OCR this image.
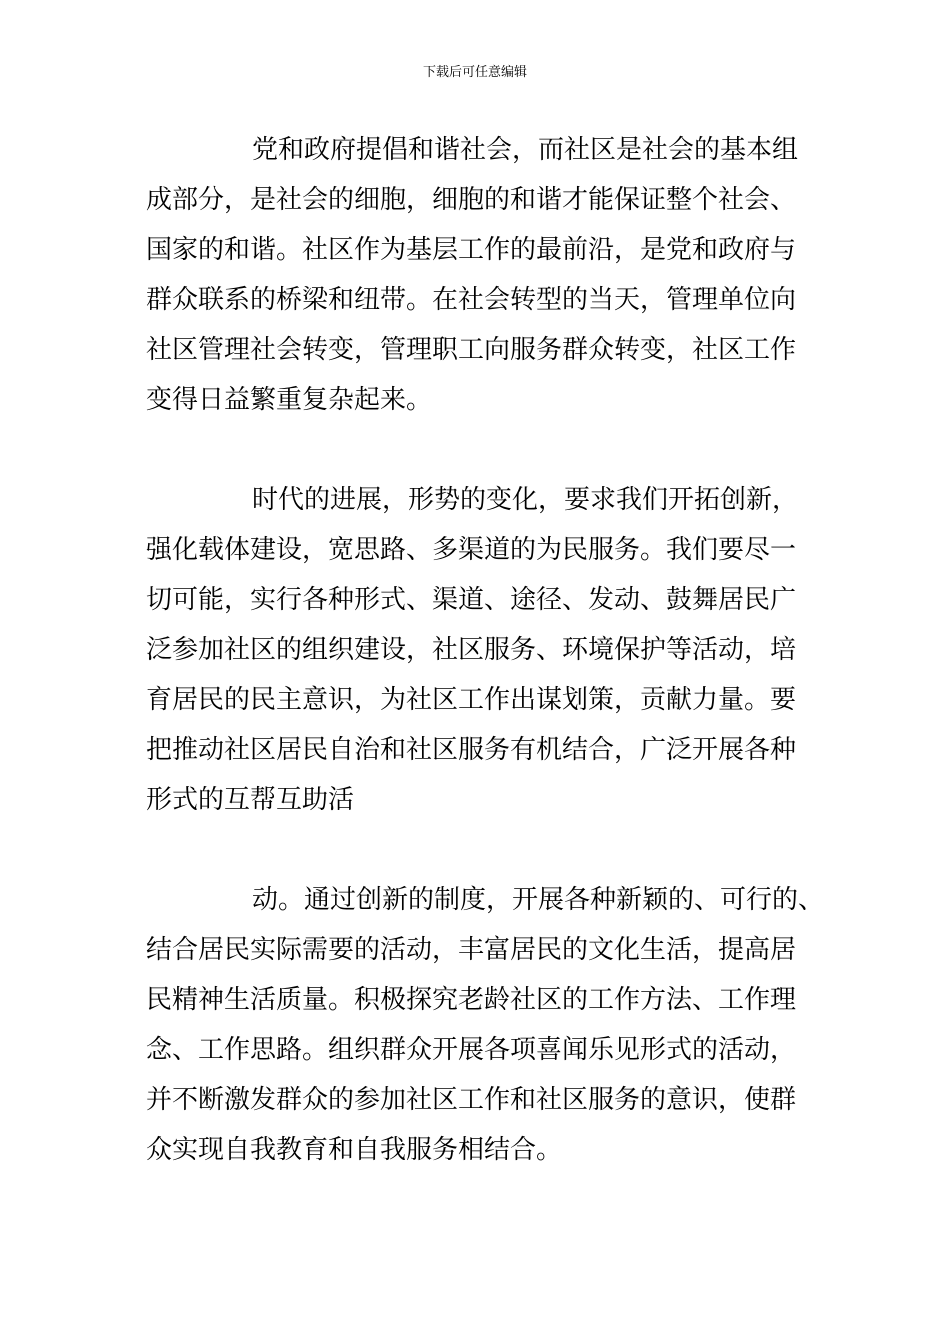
下载后可任意编辑
党和政府提倡和谐社会，而社区是社会的基本组
成部分，是社会的细胞，细胞的和谐才能保证整个社会、
国家的和谐。社区作为基层工作的最前沿，是党和政府与
群众联系的桥梁和纽带。在社会转型的当天，管理单位向
社区管理社会转变，管理职工向服务群众转变，社区工作
变得日益繁重复杂起来。
时代的进展，形势的变化，要求我们开拓创新，
强化载体建设，宽思路、多渠道的为民服务。我们要尽一
切可能，实行各种形式、渠道、途径、发动、鼓舞居民广
泛参加社区的组织建设，社区服务、环境保护等活动，培
育居民的民主意识，为社区工作出谋划策，贡献力量。要
把推动社区居民自治和社区服务有机结合，广泛开展各种
形式的互帮互助活
动。通过创新的制度，开展各种新颖的、可行的、
结合居民实际需要的活动，丰富居民的文化生活，提高居
民精神生活质量。积极探究老龄社区的工作方法、工作理
念、工作思路。组织群众开展各项喜闻乐见形式的活动，
并不断激发群众的参加社区工作和社区服务的意识，使群
众实现自我教育和自我服务相结合。
